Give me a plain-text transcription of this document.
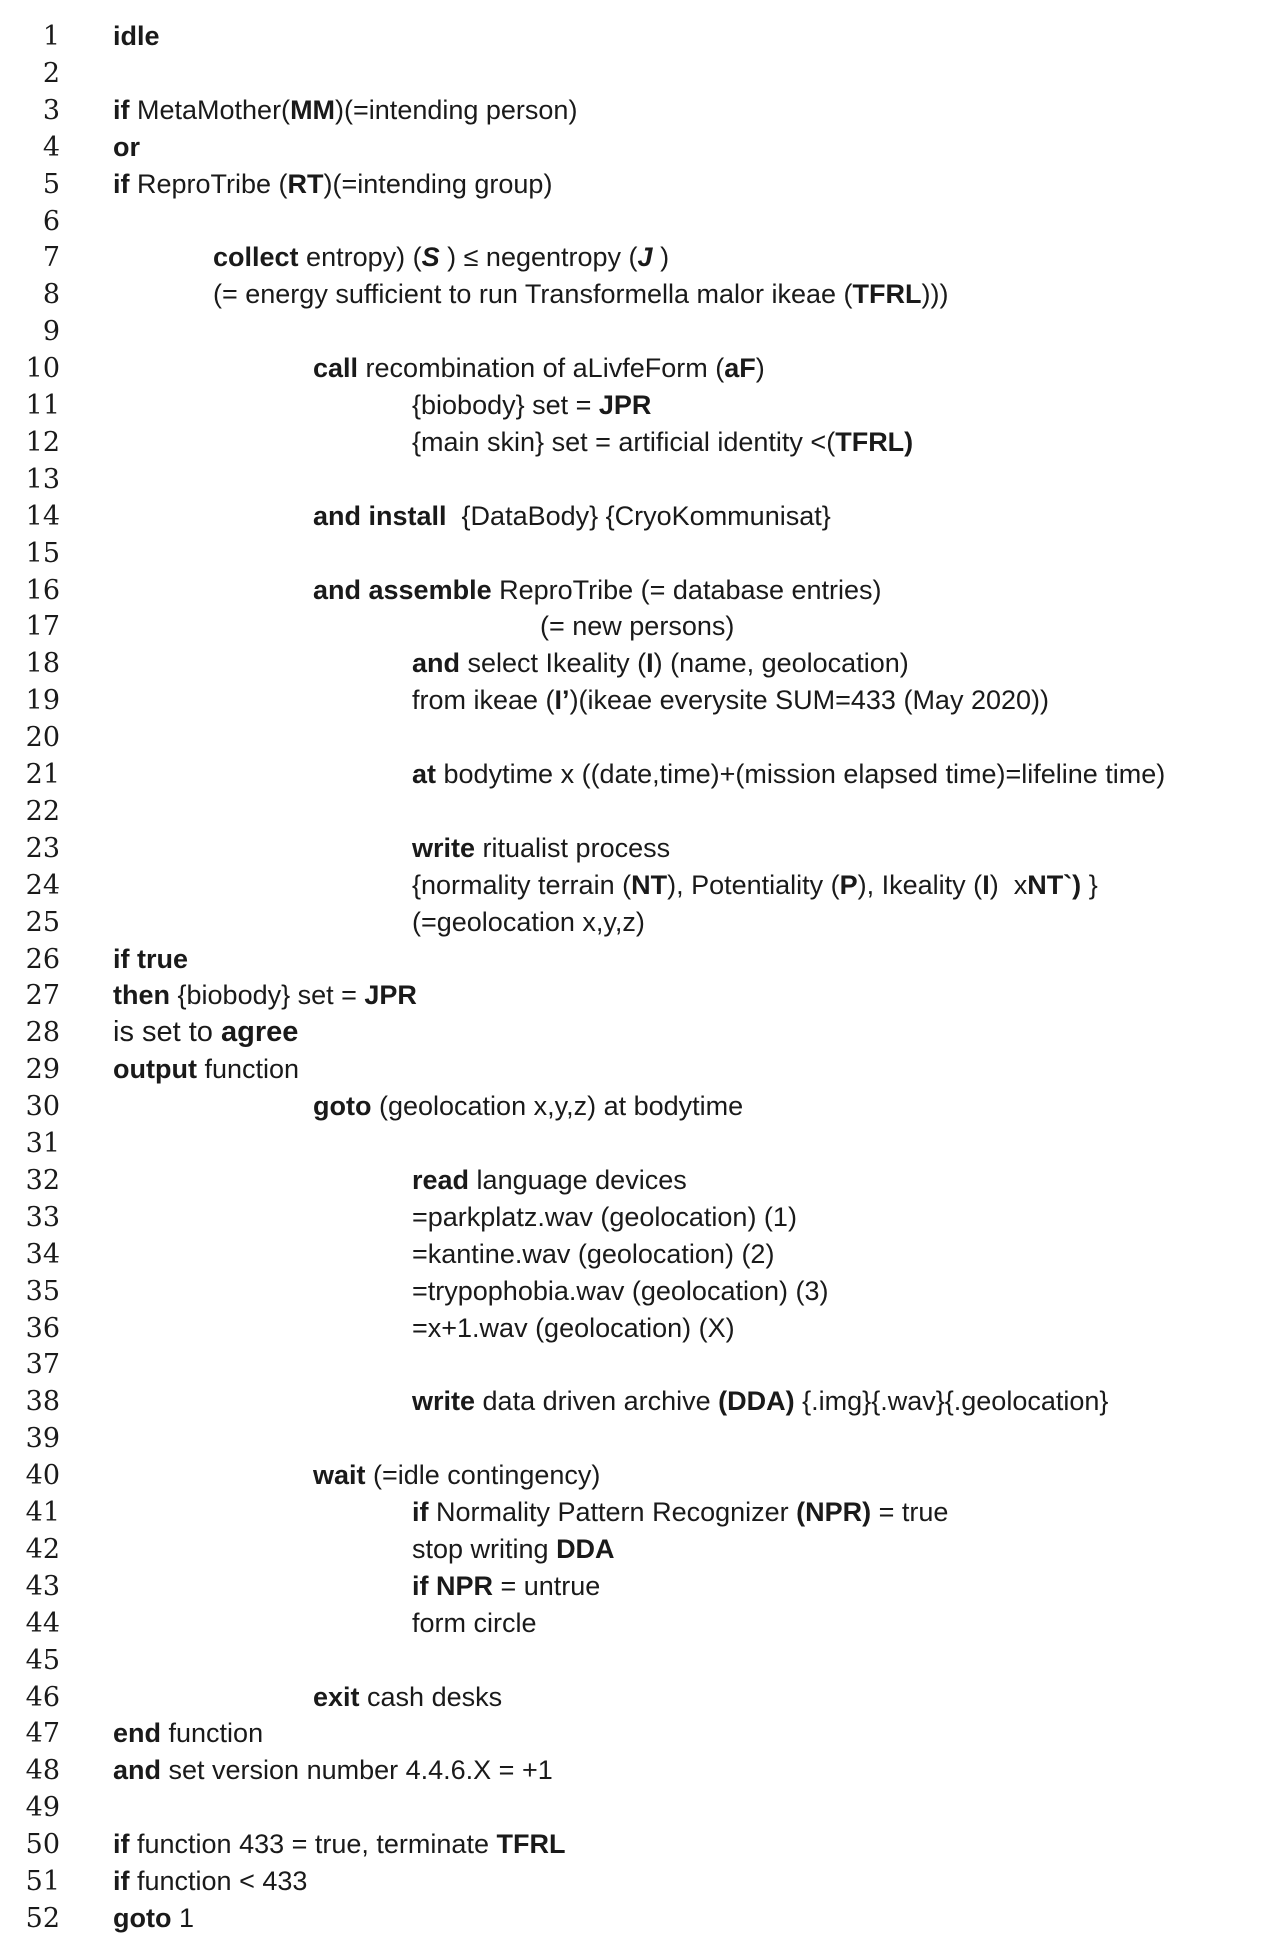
1 idle
2
3 if MetaMother(MM)(=intending person)
4 or
5 if ReproTribe (RT)(=intending group)
6
7	collect entropy) (S ) ≤ negentropy (J )
8	(= energy sufficient to run Transformella malor ikeae (TFRL)))
9
10	call recombination of aLivfeForm (aF)
11	{biobody} set = JPR
12	{main skin} set = artificial identity <(TFRL)
13
14	and install  {DataBody} {CryoKommunisat}
15
16	and assemble ReproTribe (= database entries)
17	(= new persons)
18	and select Ikeality (I) (name, geolocation)
19	from ikeae (I’)(ikeae everysite SUM=433 (May 2020))
20
21	at bodytime x ((date,time)+(mission elapsed time)=lifeline time)
22
23	write ritualist process
24	{normality terrain (NT), Potentiality (P), Ikeality (I)  xNT`) }
25	(=geolocation x,y,z)
26 if true
27 then {biobody} set = JPR
28 is set to agree
29 output function
30	goto (geolocation x,y,z) at bodytime
31
32	read language devices
33	=parkplatz.wav (geolocation) (1)
34	=kantine.wav (geolocation) (2)
35	=trypophobia.wav (geolocation) (3)
36	=x+1.wav (geolocation) (X)
37
38	write data driven archive (DDA) {.img}{.wav}{.geolocation}
39
40	wait (=idle contingency)
41	if Normality Pattern Recognizer (NPR) = true
42	stop writing DDA
43	if NPR = untrue
44	form circle
45
46	exit cash desks
47 end function
48 and set version number 4.4.6.X = +1
49
50 if function 433 = true, terminate TFRL
51 if function < 433
52 goto 1
